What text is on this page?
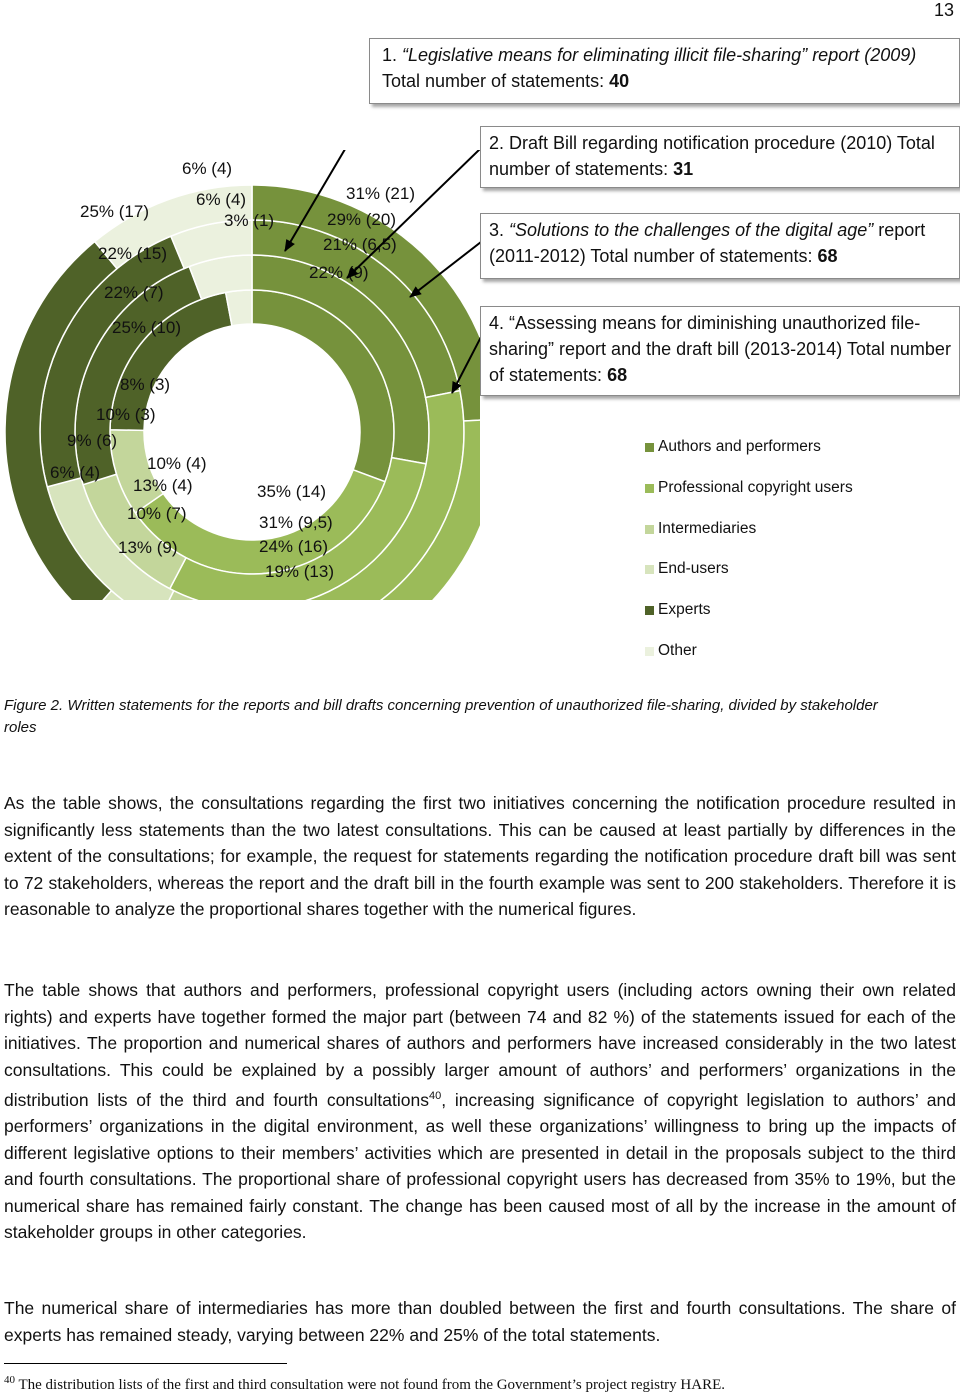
13
1. “Legislative means for eliminating illicit file-sharing” report (2009) Total number of statements: 40
2. Draft Bill regarding notification procedure (2010) Total number of statements: 31
3. “Solutions to the challenges of the digital age” report (2011-2012) Total number of statements: 68
4. “Assessing means for diminishing unauthorized file-sharing” report and the draft bill (2013-2014) Total number of statements: 68
31% (21)
29% (20)
21% (6,5)
22% (9)
35% (14)
31% (9,5)
24% (16)
19% (13)
10% (4)
13% (4)
10% (7)
13% (9)
9% (6)
6% (4)
22% (7)
25% (10)
22% (15)
25% (17)	3% (1)
6% (4)
6% (4)
10% (3)
8% (3)
Authors and performers
Professional copyright users
Intermediaries
End-users
Experts
Other
Figure 2. Written statements for the reports and bill drafts concerning prevention of unauthorized file-sharing, divided by stakeholder roles

As the table shows, the consultations regarding the first two initiatives concerning the notification procedure resulted in significantly less statements than the two latest consultations. This can be caused at least partially by differences in the extent of the consultations; for example, the request for statements regarding the notification procedure draft bill was sent to 72 stakeholders, whereas the report and the draft bill in the fourth example was sent to 200 stakeholders. Therefore it is reasonable to analyze the proportional shares together with the numerical figures.

The table shows that authors and performers, professional copyright users (including actors owning their own related rights) and experts have together formed the major part (between 74 and 82 %) of the statements issued for each of the initiatives. The proportion and numerical shares of authors and performers have increased considerably in the two latest consultations. This could be explained by a possibly larger amount of authors’ and performers’ organizations in the distribution lists of the third and fourth consultations$^{40}$, increasing significance of copyright legislation to authors’ and performers’ organizations in the digital environment, as well these organizations’ willingness to bring up the impacts of different legislative options to their members’ activities which are presented in detail in the proposals subject to the third and fourth consultations. The proportional share of professional copyright users has decreased from 35% to 19%, but the numerical share has remained fairly constant. The change has been caused most of all by the increase in the amount of stakeholder groups in other categories.

The numerical share of intermediaries has more than doubled between the first and fourth consultations. The share of experts has remained steady, varying between 22% and 25% of the total statements.

$^{40}$ The distribution lists of the first and third consultation were not found from the Government’s project registry HARE.
